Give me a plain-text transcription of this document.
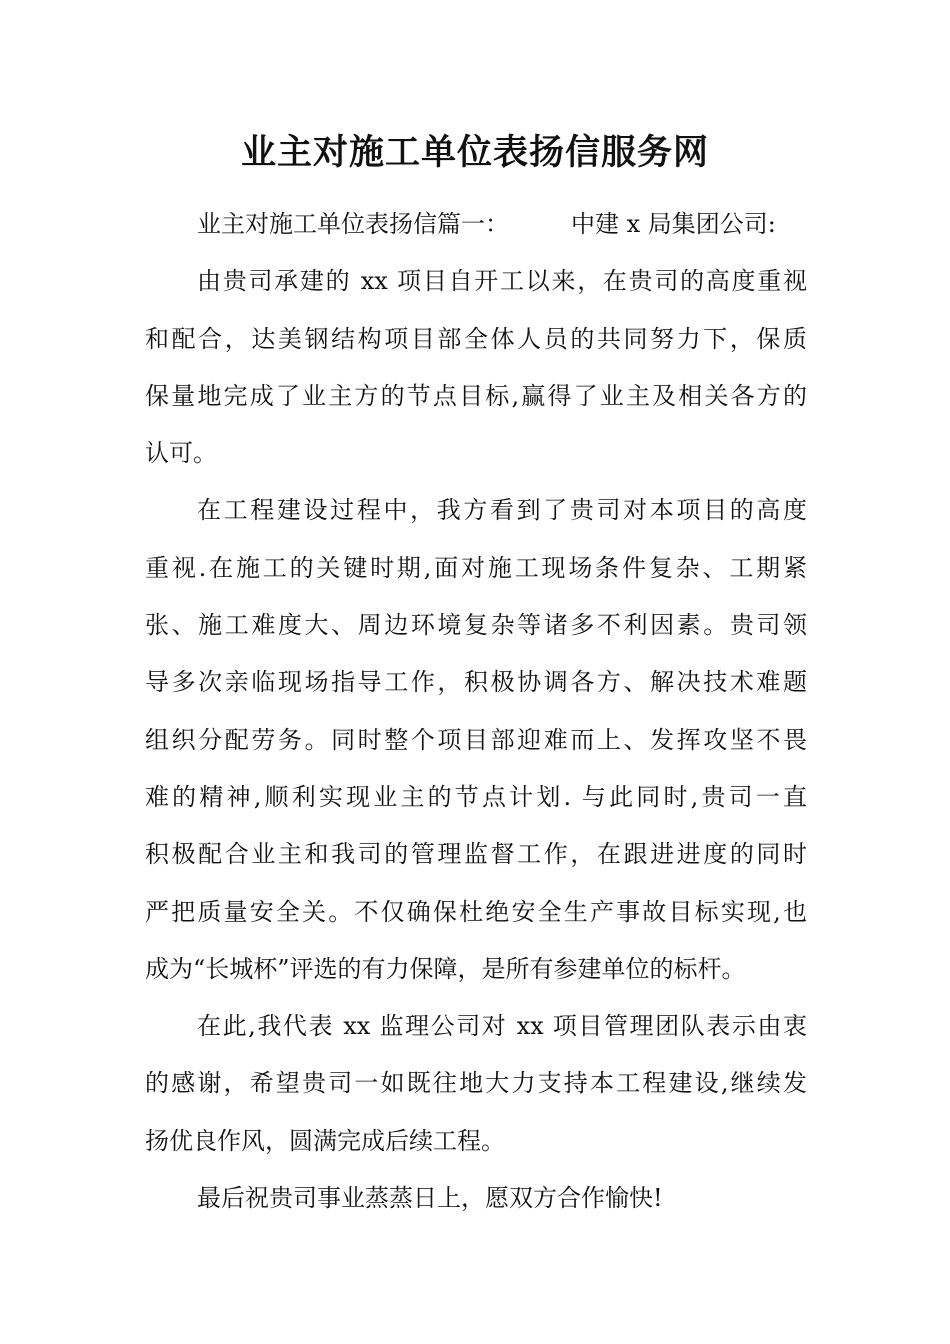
业主对施工单位表扬信服务网
业主对施工单位表扬信篇一：	中建 x 局集团公司:
由贵司承建的 xx 项目自开工以来，在贵司的高度重视
和配合，达美钢结构项目部全体人员的共同努力下，保质
保量地完成了业主方的节点目标,赢得了业主及相关各方的
认可。
在工程建设过程中，我方看到了贵司对本项目的高度
重视.在施工的关键时期,面对施工现场条件复杂、工期紧
张、施工难度大、周边环境复杂等诸多不利因素。贵司领
导多次亲临现场指导工作，积极协调各方、解决技术难题
组织分配劳务。同时整个项目部迎难而上、发挥攻坚不畏
难的精神,顺利实现业主的节点计划. 与此同时,贵司一直
积极配合业主和我司的管理监督工作，在跟进进度的同时
严把质量安全关。不仅确保杜绝安全生产事故目标实现,也
成为“长城杯”评选的有力保障，是所有参建单位的标杆。
在此,我代表 xx 监理公司对 xx 项目管理团队表示由衷
的感谢，希望贵司一如既往地大力支持本工程建设,继续发
扬优良作风，圆满完成后续工程。
最后祝贵司事业蒸蒸日上，愿双方合作愉快!
